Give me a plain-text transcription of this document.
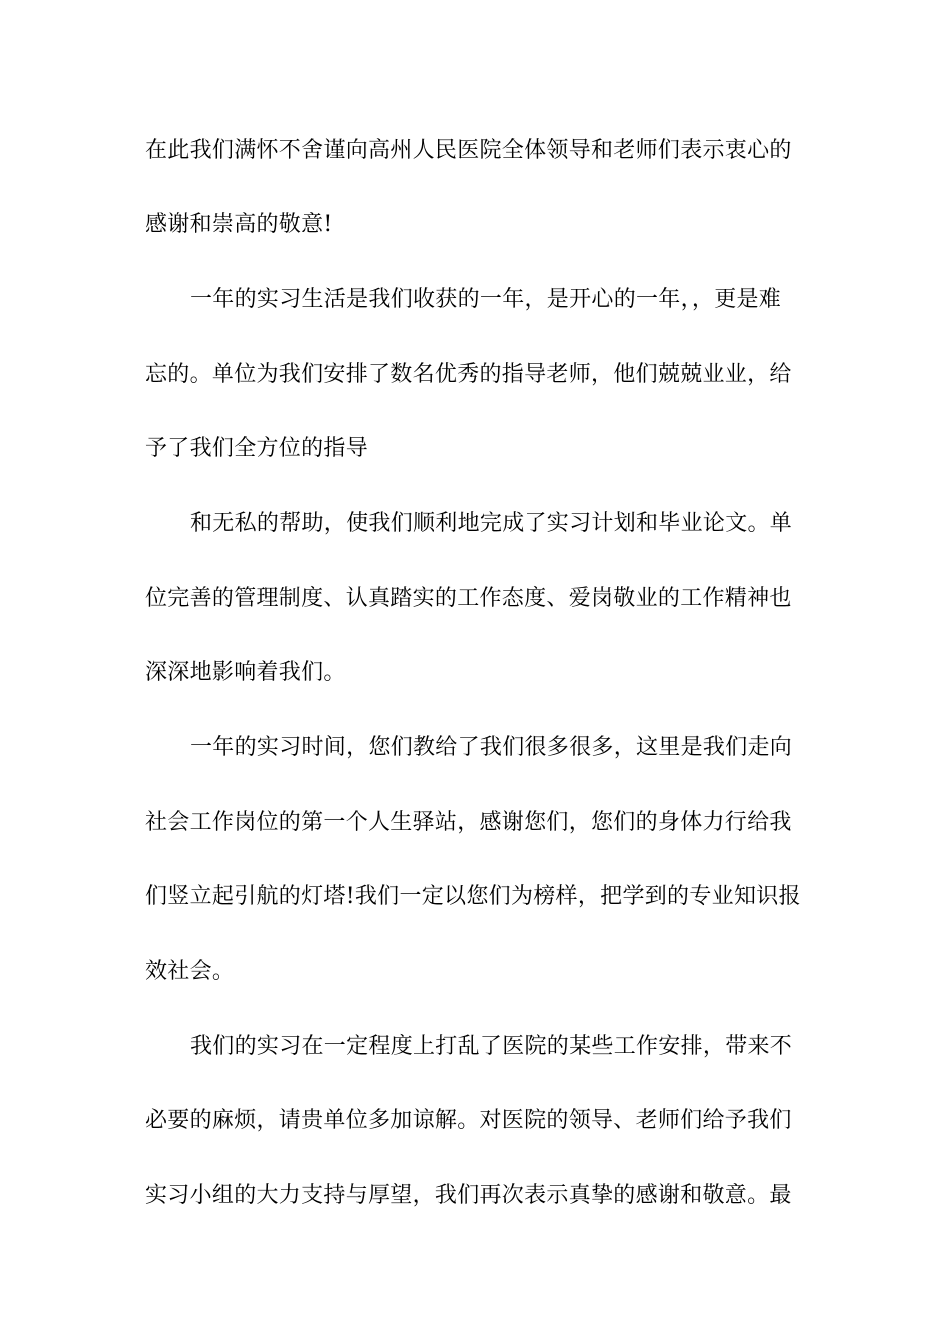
在此我们满怀不舍谨向高州人民医院全体领导和老师们表示衷心的
感谢和崇高的敬意!
一年的实习生活是我们收获的一年，是开心的一年，，更是难
忘的。单位为我们安排了数名优秀的指导老师，他们兢兢业业，给
予了我们全方位的指导
和无私的帮助，使我们顺利地完成了实习计划和毕业论文。单
位完善的管理制度、认真踏实的工作态度、爱岗敬业的工作精神也
深深地影响着我们。
一年的实习时间，您们教给了我们很多很多，这里是我们走向
社会工作岗位的第一个人生驿站，感谢您们，您们的身体力行给我
们竖立起引航的灯塔!我们一定以您们为榜样，把学到的专业知识报
效社会。
我们的实习在一定程度上打乱了医院的某些工作安排，带来不
必要的麻烦，请贵单位多加谅解。对医院的领导、老师们给予我们
实习小组的大力支持与厚望，我们再次表示真挚的感谢和敬意。最
